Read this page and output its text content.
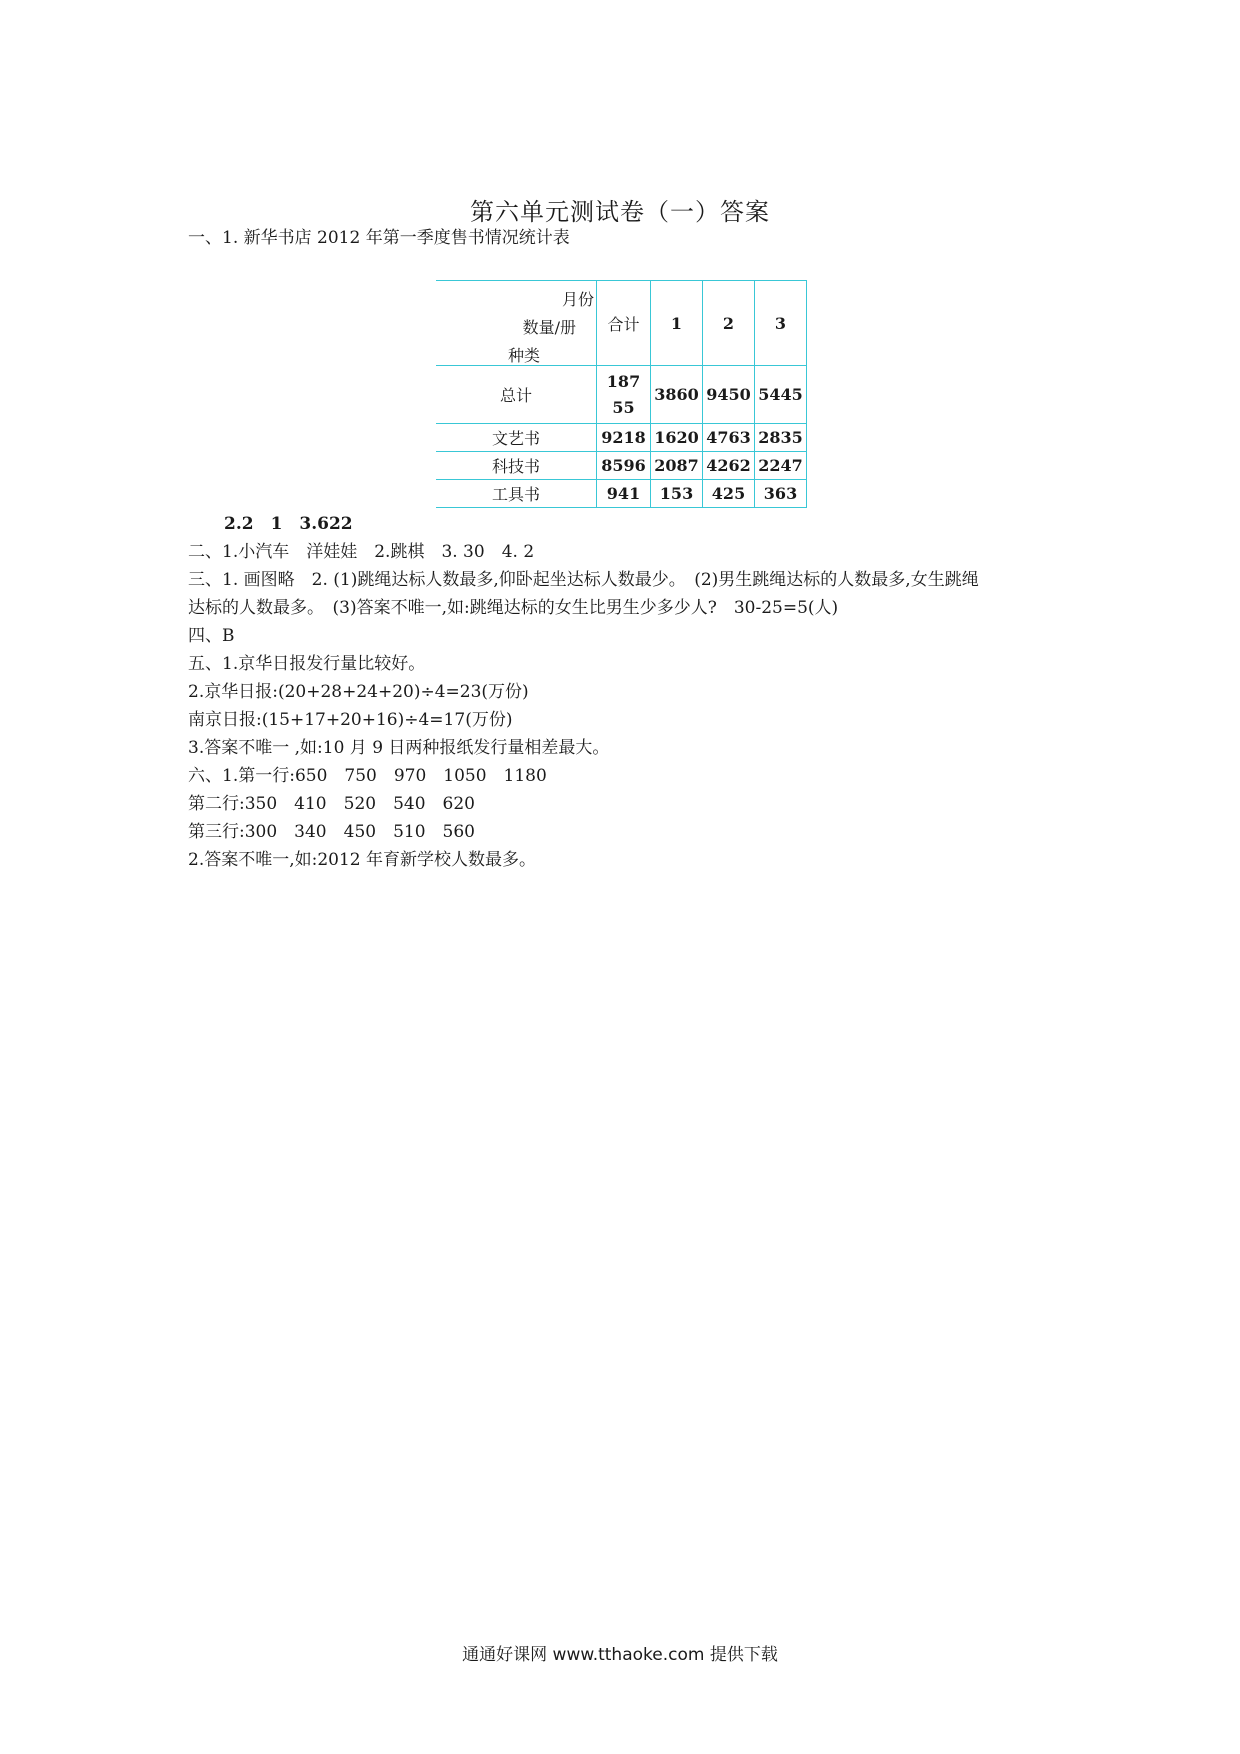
第六单元测试卷（一）答案
一、1. 新华书店 2012 年第一季度售书情况统计表
月份
数量/册
种类	合计	1	2	3
总计	18755	3860	9450	5445
文艺书	9218	1620	4763	2835
科技书	8596	2087	4262	2247
工具书	941	153	425	363
2.2　1　3.622
二、1.小汽车　洋娃娃　2.跳棋　3. 30　4. 2
三、1. 画图略　2. (1)跳绳达标人数最多,仰卧起坐达标人数最少。　(2)男生跳绳达标的人数最多,女生跳绳
达标的人数最多。　(3)答案不唯一,如:跳绳达标的女生比男生少多少人?　30-25=5(人)
四、B
五、1.京华日报发行量比较好。
2.京华日报:(20+28+24+20)÷4=23(万份)
南京日报:(15+17+20+16)÷4=17(万份)
3.答案不唯一 ,如:10 月 9 日两种报纸发行量相差最大。
六、1.第一行:650　750　970　1050　1180
第二行:350　410　520　540　620
第三行:300　340　450　510　560
2.答案不唯一,如:2012 年育新学校人数最多。
通通好课网 www.tthaoke.com 提供下载
